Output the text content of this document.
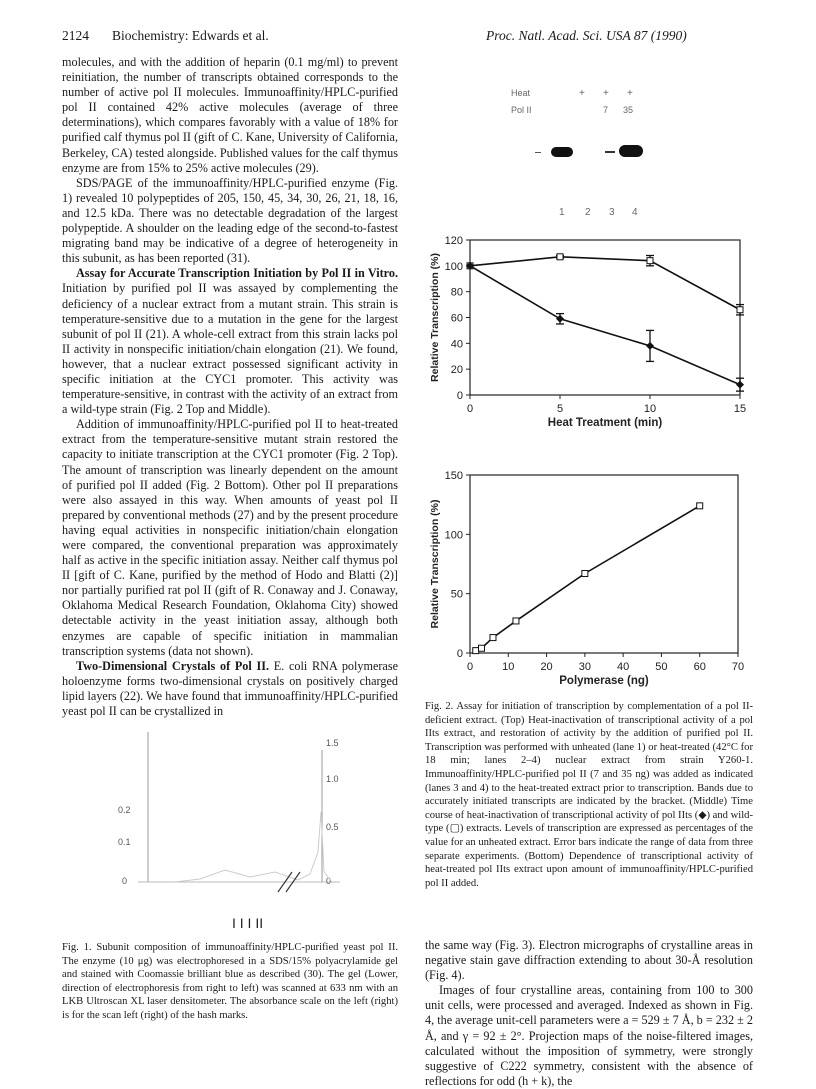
2124 Biochemistry: Edwards et al.	Proc. Natl. Acad. Sci. USA 87 (1990)

molecules, and with the addition of heparin (0.1 mg/ml) to prevent reinitiation, the number of transcripts obtained corresponds to the number of active pol II molecules. Immunoaffinity/HPLC-purified pol II contained 42% active molecules (average of three determinations), which compares favorably with a value of 18% for purified calf thymus pol II (gift of C. Kane, University of California, Berkeley, CA) tested alongside. Published values for the calf thymus enzyme are from 15% to 25% active molecules (29).

SDS/PAGE of the immunoaffinity/HPLC-purified enzyme (Fig. 1) revealed 10 polypeptides of 205, 150, 45, 34, 30, 26, 21, 18, 16, and 12.5 kDa. There was no detectable degradation of the largest polypeptide. A shoulder on the leading edge of the second-to-fastest migrating band may be indicative of a degree of heterogeneity in this subunit, as has been reported (31).

Assay for Accurate Transcription Initiation by Pol II in Vitro. Initiation by purified pol II was assayed by complementing the deficiency of a nuclear extract from a mutant strain. This strain is temperature-sensitive due to a mutation in the gene for the largest subunit of pol II (21). A whole-cell extract from this strain lacks pol II activity in nonspecific initiation/chain elongation (21). We found, however, that a nuclear extract possessed significant activity in specific initiation at the CYC1 promoter. This activity was temperature-sensitive, in contrast with the activity of an extract from a wild-type strain (Fig. 2 Top and Middle).

Addition of immunoaffinity/HPLC-purified pol II to heat-treated extract from the temperature-sensitive mutant strain restored the capacity to initiate transcription at the CYC1 promoter (Fig. 2 Top). The amount of transcription was linearly dependent on the amount of purified pol II added (Fig. 2 Bottom). Other pol II preparations were also assayed in this way. When amounts of yeast pol II prepared by conventional methods (27) and by the present procedure having equal activities in nonspecific initiation/chain elongation were compared, the conventional preparation was approximately half as active in the specific initiation assay. Neither calf thymus pol II [gift of C. Kane, purified by the method of Hodo and Blatti (2)] nor partially purified rat pol II (gift of R. Conaway and J. Conaway, Oklahoma Medical Research Foundation, Oklahoma City) showed detectable activity in the yeast initiation assay, although both enzymes are capable of specific initiation in mammalian transcription systems (data not shown).

Two-Dimensional Crystals of Pol II. E. coli RNA polymerase holoenzyme forms two-dimensional crystals on positively charged lipid layers (22). We have found that immunoaffinity/HPLC-purified yeast pol II can be crystallized in

0.2
0.1
0
1.5
1.0
0.5
0
I I I II
Fig. 1. Subunit composition of immunoaffinity/HPLC-purified yeast pol II. The enzyme (10 μg) was electrophoresed in a SDS/15% polyacrylamide gel and stained with Coomassie brilliant blue as described (30). The gel (Lower, direction of electrophoresis from right to left) was scanned at 633 nm with an LKB Ultroscan XL laser densitometer. The absorbance scale on the left (right) is for the scan left (right) of the hash marks.
Heat
Pol II
+ + +
7 35
1 2 3 4
0
20
40
60
80
100
120
0	5	10	15
Heat Treatment (min)
Relative Transcription (%)
0
50
100
150
0	10 20 30 40 50 60 70
Polymerase (ng)
Relative Transcription (%)
Fig. 2. Assay for initiation of transcription by complementation of a pol II-deficient extract. (Top) Heat-inactivation of transcriptional activity of a pol IIts extract, and restoration of activity by the addition of purified pol II. Transcription was performed with unheated (lane 1) or heat-treated (42°C for 18 min; lanes 2–4) nuclear extract from strain Y260-1. Immunoaffinity/HPLC-purified pol II (7 and 35 ng) was added as indicated (lanes 3 and 4) to the heat-treated extract prior to transcription. Bands due to accurately initiated transcripts are indicated by the bracket. (Middle) Time course of heat-inactivation of transcriptional activity of pol IIts (◆) and wild-type (▢) extracts. Levels of transcription are expressed as percentages of the value for an unheated extract. Error bars indicate the range of data from three separate experiments. (Bottom) Dependence of transcriptional activity of heat-treated pol IIts extract upon amount of immunoaffinity/HPLC-purified pol II added.

the same way (Fig. 3). Electron micrographs of crystalline areas in negative stain gave diffraction extending to about 30-Å resolution (Fig. 4).

Images of four crystalline areas, containing from 100 to 300 unit cells, were processed and averaged. Indexed as shown in Fig. 4, the average unit-cell parameters were a = 529 ± 7 Å, b = 232 ± 2 Å, and γ = 92 ± 2°. Projection maps of the noise-filtered images, calculated without the imposition of symmetry, were strongly suggestive of C222 symmetry, consistent with the absence of reflections for odd (h + k), the
